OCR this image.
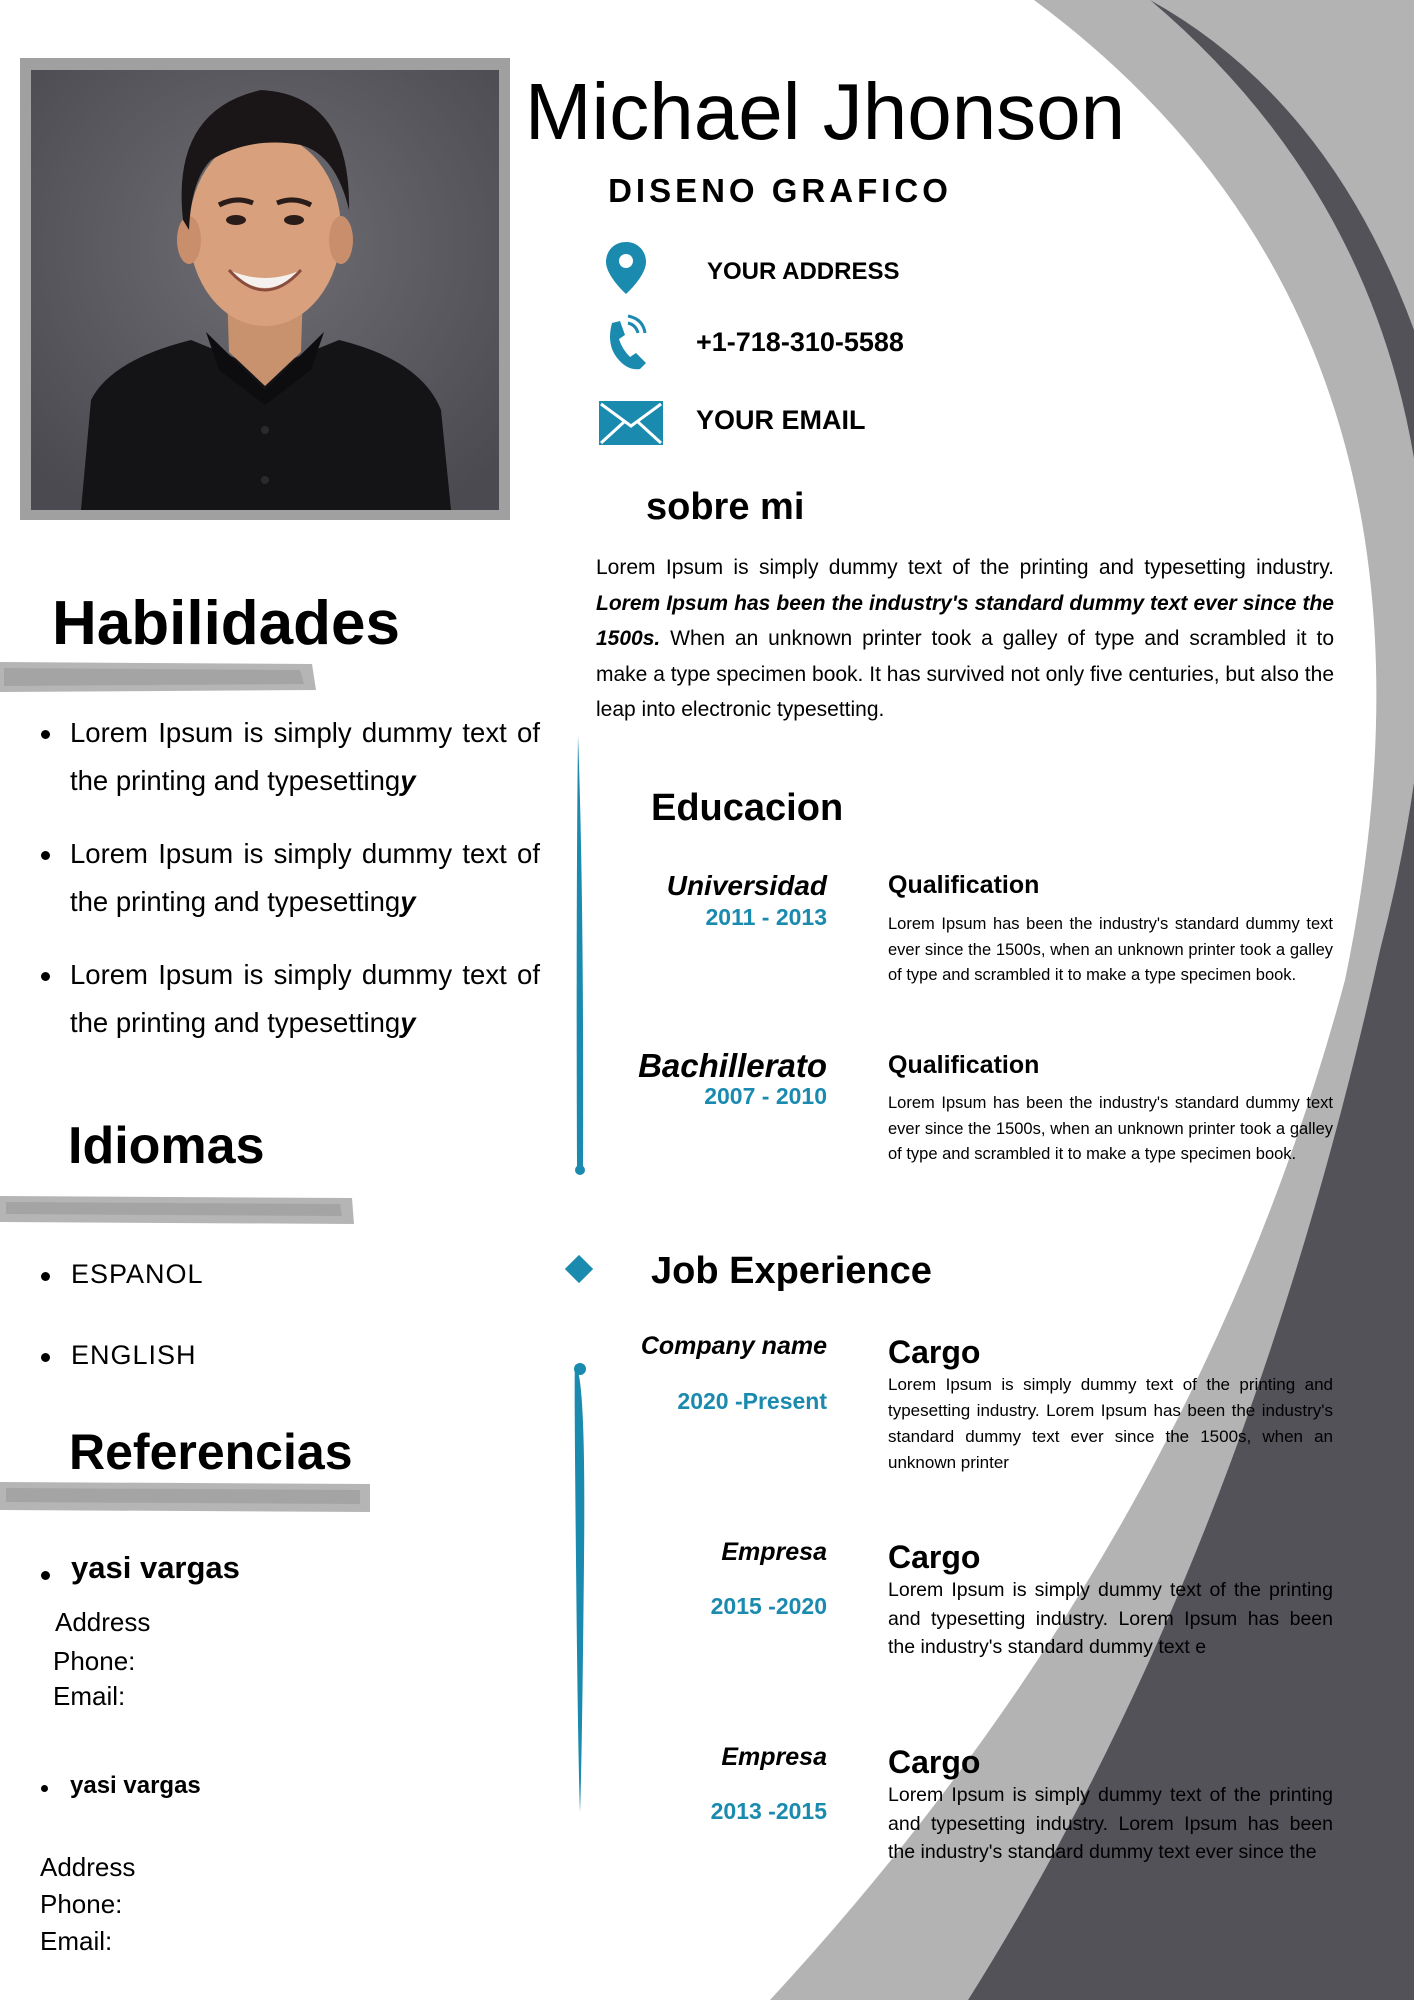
Michael Jhonson
DISENO GRAFICO
YOUR ADDRESS
+1-718-310-5588
YOUR EMAIL
sobre mi
Lorem Ipsum is simply dummy text of the printing and typesetting industry. Lorem Ipsum has been the industry's standard dummy text ever since the 1500s. When an unknown printer took a galley of type and scrambled it to make a type specimen book. It has survived not only five centuries, but also the leap into electronic typesetting.
Habilidades
Lorem Ipsum is simply dummy text of the printing and typesettingy
Lorem Ipsum is simply dummy text of the printing and typesettingy
Lorem Ipsum is simply dummy text of the printing and typesettingy
Idiomas
ESPANOL
ENGLISH
Referencias
yasi vargas
Address
Phone:
Email:
yasi vargas
Address
Phone:
Email:
Educacion
Universidad
2011 - 2013
Qualification
Lorem Ipsum has been the industry's standard dummy text ever since the 1500s, when an unknown printer took a galley of type and scrambled it to make a type specimen book.
Bachillerato
2007 - 2010
Qualification
Lorem Ipsum has been the industry's standard dummy text ever since the 1500s, when an unknown printer took a galley of type and scrambled it to make a type specimen book.
Job Experience
Company name
2020 -Present
Cargo
Lorem Ipsum is simply dummy text of the printing and typesetting industry. Lorem Ipsum has been the industry's standard dummy text ever since the 1500s, when an unknown printer
Empresa
2015 -2020
Cargo
Lorem Ipsum is simply dummy text of the printing and typesetting industry. Lorem Ipsum has been the industry's standard dummy text e
Empresa
2013 -2015
Cargo
Lorem Ipsum is simply dummy text of the printing and typesetting industry. Lorem Ipsum has been the industry's standard dummy text ever since the
